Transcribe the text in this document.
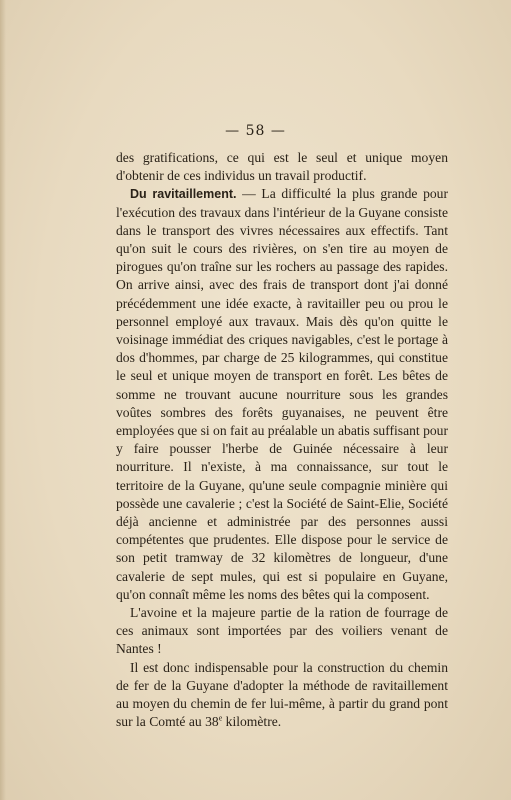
— 58 —

des gratifications, ce qui est le seul et unique moyen d'obtenir de ces individus un travail productif.

Du ravitaillement. — La difficulté la plus grande pour l'exécution des travaux dans l'intérieur de la Guyane consiste dans le transport des vivres nécessaires aux effectifs. Tant qu'on suit le cours des rivières, on s'en tire au moyen de pirogues qu'on traîne sur les rochers au passage des rapides. On arrive ainsi, avec des frais de transport dont j'ai donné précédemment une idée exacte, à ravitailler peu ou prou le personnel employé aux travaux. Mais dès qu'on quitte le voisinage immédiat des criques navigables, c'est le portage à dos d'hommes, par charge de 25 kilogrammes, qui constitue le seul et unique moyen de transport en forêt. Les bêtes de somme ne trouvant aucune nourriture sous les grandes voûtes sombres des forêts guyanaises, ne peuvent être employées que si on fait au préalable un abatis suffisant pour y faire pousser l'herbe de Guinée nécessaire à leur nourriture. Il n'existe, à ma connaissance, sur tout le territoire de la Guyane, qu'une seule compagnie minière qui possède une cavalerie ; c'est la Société de Saint-Elie, Société déjà ancienne et administrée par des personnes aussi compétentes que prudentes. Elle dispose pour le service de son petit tramway de 32 kilomètres de longueur, d'une cavalerie de sept mules, qui est si populaire en Guyane, qu'on connaît même les noms des bêtes qui la composent.

L'avoine et la majeure partie de la ration de fourrage de ces animaux sont importées par des voiliers venant de Nantes !

Il est donc indispensable pour la construction du chemin de fer de la Guyane d'adopter la méthode de ravitaillement au moyen du chemin de fer lui-même, à partir du grand pont sur la Comté au 38e kilomètre.
